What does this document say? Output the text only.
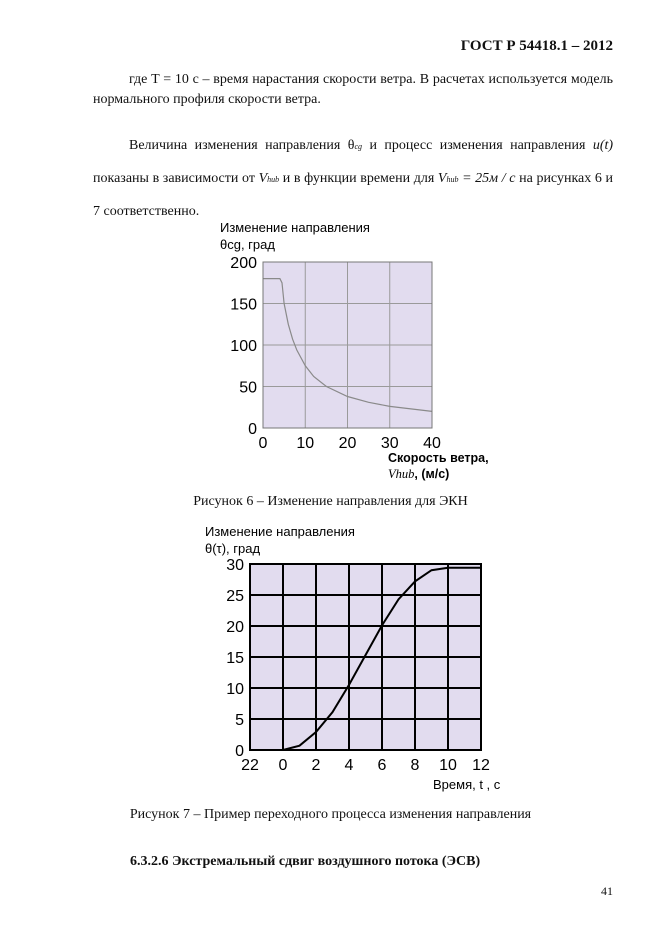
ГОСТ Р 54418.1 – 2012
где T = 10 с – время нарастания скорости ветра. В расчетах используется модель нормального профиля скорости ветра.
Величина изменения направления θcg и процесс изменения направления u(t) показаны в зависимости от Vhub и в функции времени для Vhub = 25м / с на рисунках 6 и 7 соответственно.
Изменение направления
θcg, град
0
50
100
150
200
0 10 20 30 40
Скорость ветра,
Vhub, (м/с)
Рисунок 6 – Изменение направления для ЭКН
Изменение направления
θ(τ), град
0
5
10
15
20
25
30
22 0 2 4 6 8 10 12
Время, t , с
Рисунок 7 – Пример переходного процесса изменения направления
6.3.2.6 Экстремальный сдвиг воздушного потока (ЭСВ)
41
